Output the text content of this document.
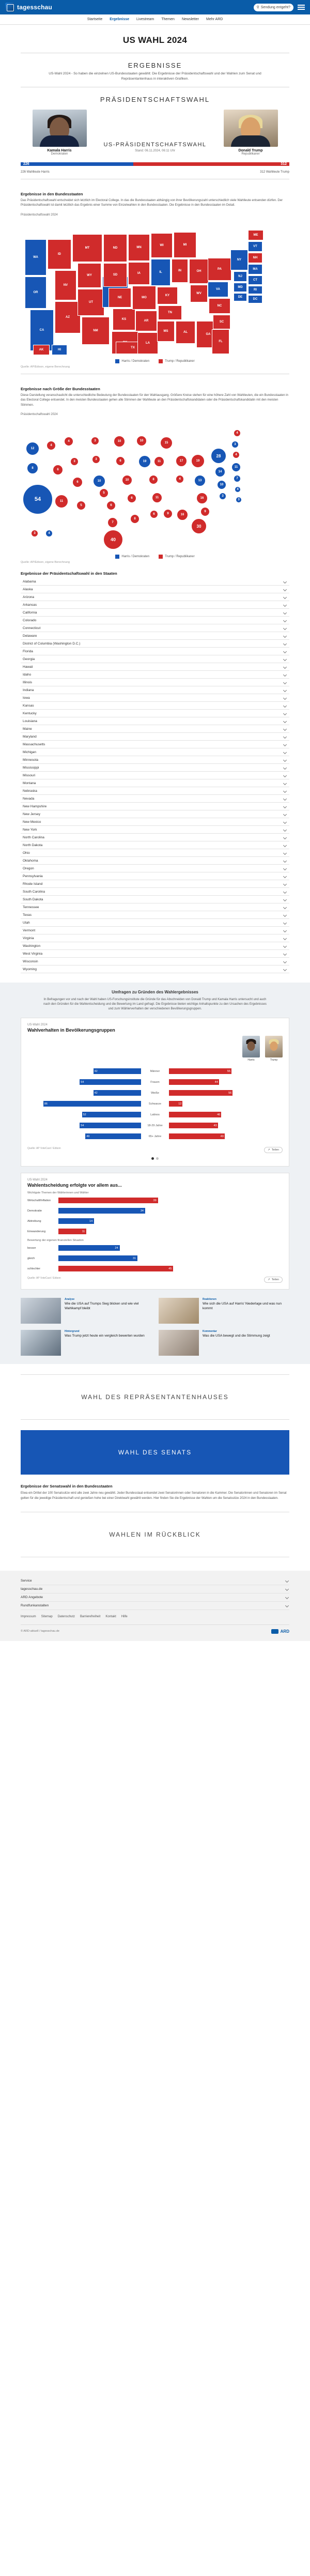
tagesschau	⚲ Sendung entgeht?
Startseite Ergebnisse Livestream Themen Newsletter Mehr ARD
US WAHL 2024
ERGEBNISSE
US-Wahl 2024 - So haben die einzelnen US-Bundesstaaten gewählt: Die Ergebnisse der Präsidentschaftswahl und der Wahlen zum Senat und Repräsentantenhaus in interaktiven Grafiken.
PRÄSIDENTSCHAFTSWAHL
Kamala Harris
Demokraten
US-PRÄSIDENTSCHAFTSWAHL
Stand: 06.11.2024, 06:11 Uhr	Donald Trump
Republikaner
226	312
226 Wahlleute Harris	312 Wahlleute Trump
Ergebnisse in den Bundesstaaten
Das Präsidentschaftswahl entscheidet sich letztlich im Electoral College. In das die Bundesstaaten abhängig von ihrer Bevölkerungszahl unterschiedlich viele Wahlleute entsenden dürfen. Der Präsidentschaftswahl ist damit letztlich das Ergebnis einer Summe von Einzelwahlen in den Bundesstaaten. Die Ergebnisse in den Bundesstaaten im Detail.
Präsidentschaftswahl 2024
WA
OR
CA
ID
NV
AZ
MT
WY
UT
NM
ND
SD
NE
KS
TX
MN
IA
MO
AR
LA
WI
IL	IN
KY
TN
MS	AL
MI
OH
WV
GA
FL
PA
VA
NC
SC
NY
NJ
MD
DE
VT
NH
MA
CT
RI
ME
DC
AK	HI
Harris / Demokraten	Trump / Republikaner
Quelle: AP/Edison, eigene Berechnung
Ergebnisse nach Größe der Bundesstaaten
Diese Darstellung veranschaulicht die unterschiedliche Bedeutung der Bundesstaaten für den Wahlausgang. Größere Kreise stehen für eine höhere Zahl von Wahlleuten, die ein Bundesstaaten in das Electoral College entsendet. In den meisten Bundesstaaten gehen alle Stimmen der Wahlleute an den Präsidentschaftskandidaten oder die Präsidentschaftskandidatin mit den meisten Stimmen.
Präsidentschaftswahl 2024
12
8
54
4
6
11
4
3
6
5
10
3
3
5
6
7
40
10
6
10
6
8
10
19	11
8
11
6	9
15
17
4
16
30
19
13
16
9
28
14
10
3
3
4
11
7
4
4
3
3	4
Harris / Demokraten	Trump / Republikaner
Quelle: AP/Edison, eigene Berechnung
Ergebnisse der Präsidentschaftswahl in den Staaten
Alabama
Alaska
Arizona
Arkansas
California
Colorado
Connecticut
Delaware
District of Columbia (Washington D.C.)
Florida
Georgia
Hawaii
Idaho
Illinois
Indiana
Iowa
Kansas
Kentucky
Louisiana
Maine
Maryland
Massachusetts
Michigan
Minnesota
Mississippi
Missouri
Montana
Nebraska
Nevada
New Hampshire
New Jersey
New Mexico
New York
North Carolina
North Dakota
Ohio
Oklahoma
Oregon
Pennsylvania
Rhode Island
South Carolina
South Dakota
Tennessee
Texas
Utah
Vermont
Virginia
Washington
West Virginia
Wisconsin
Wyoming
Umfragen zu Gründen des Wahlergebnisses
In Befragungen vor und nach der Wahl haben US-Forschungsinstitute die Gründe für das Abschneiden von Donald Trump und Kamala Harris untersucht und auch nach den Gründen für die Wahlentscheidung und die Bewertung im Land gefragt. Die Ergebnisse bieten wichtige Anhaltspunkte zu den Ursachen des Ergebnisses und zum Wählerverhalten der verschiedenen Bevölkerungsgruppen.
US-Wahl 2024
Wahlverhalten in Bevölkerungsgruppen
Harris	Trump
42	Männer	55
54	Frauen	44
42	Weiße	56
86	Schwarze	12
52	Latinos	46
54	18-29 Jahre	43
49	65+ Jahre	49
Quelle: AP VoteCast / Edison	↗ Teilen
US-Wahl 2024
Wahlentscheidung erfolgte vor allem aus...
Wichtigste Themen der Wählerinnen und Wähler
Wirtschaft/Inflation	39
Demokratie	34
Abtreibung	14
Einwanderung	11
Bewertung der eigenen finanziellen Situation
besser	24
gleich	31
schlechter	45
Quelle: AP VoteCast / Edison	↗ Teilen
Analyse
Wie die USA auf Trumps Sieg blicken und wie viel Wahlkampf bleibt
Reaktionen
Wie sich die USA auf Harris' Niederlage und was nun kommt
Hintergrund
Was Trump jetzt heute ein vergleich bewerten wurden
Kommentar
Was die USA bewegt und die Stimmung zeigt
WAHL DES REPRÄSENTANTENHAUSES
WAHL DES SENATS
Ergebnisse der Senatswahl in den Bundesstaaten
Etwa ein Drittel der 100 Senatssitze wird alle zwei Jahre neu gewählt. Jeder Bundesstaat entsendet zwei Senatorinnen oder Senatoren in die Kammer. Die Senatorinnen und Senatoren im Senat gelten für die jeweilige Präsidentschaft und genießen hohe bei einer Direktwahl gewählt werden. Hier finden Sie die Ergebnisse der Wahlen um die Senatssitze 2024 in den Bundesstaaten.
WAHLEN IM RÜCKBLICK
Service
tagesschau.de
ARD Angebote
Rundfunkanstalten
Impressum Sitemap Datenschutz Barrierefreiheit Kontakt Hilfe
© ARD-aktuell / tagesschau.de	ARD
